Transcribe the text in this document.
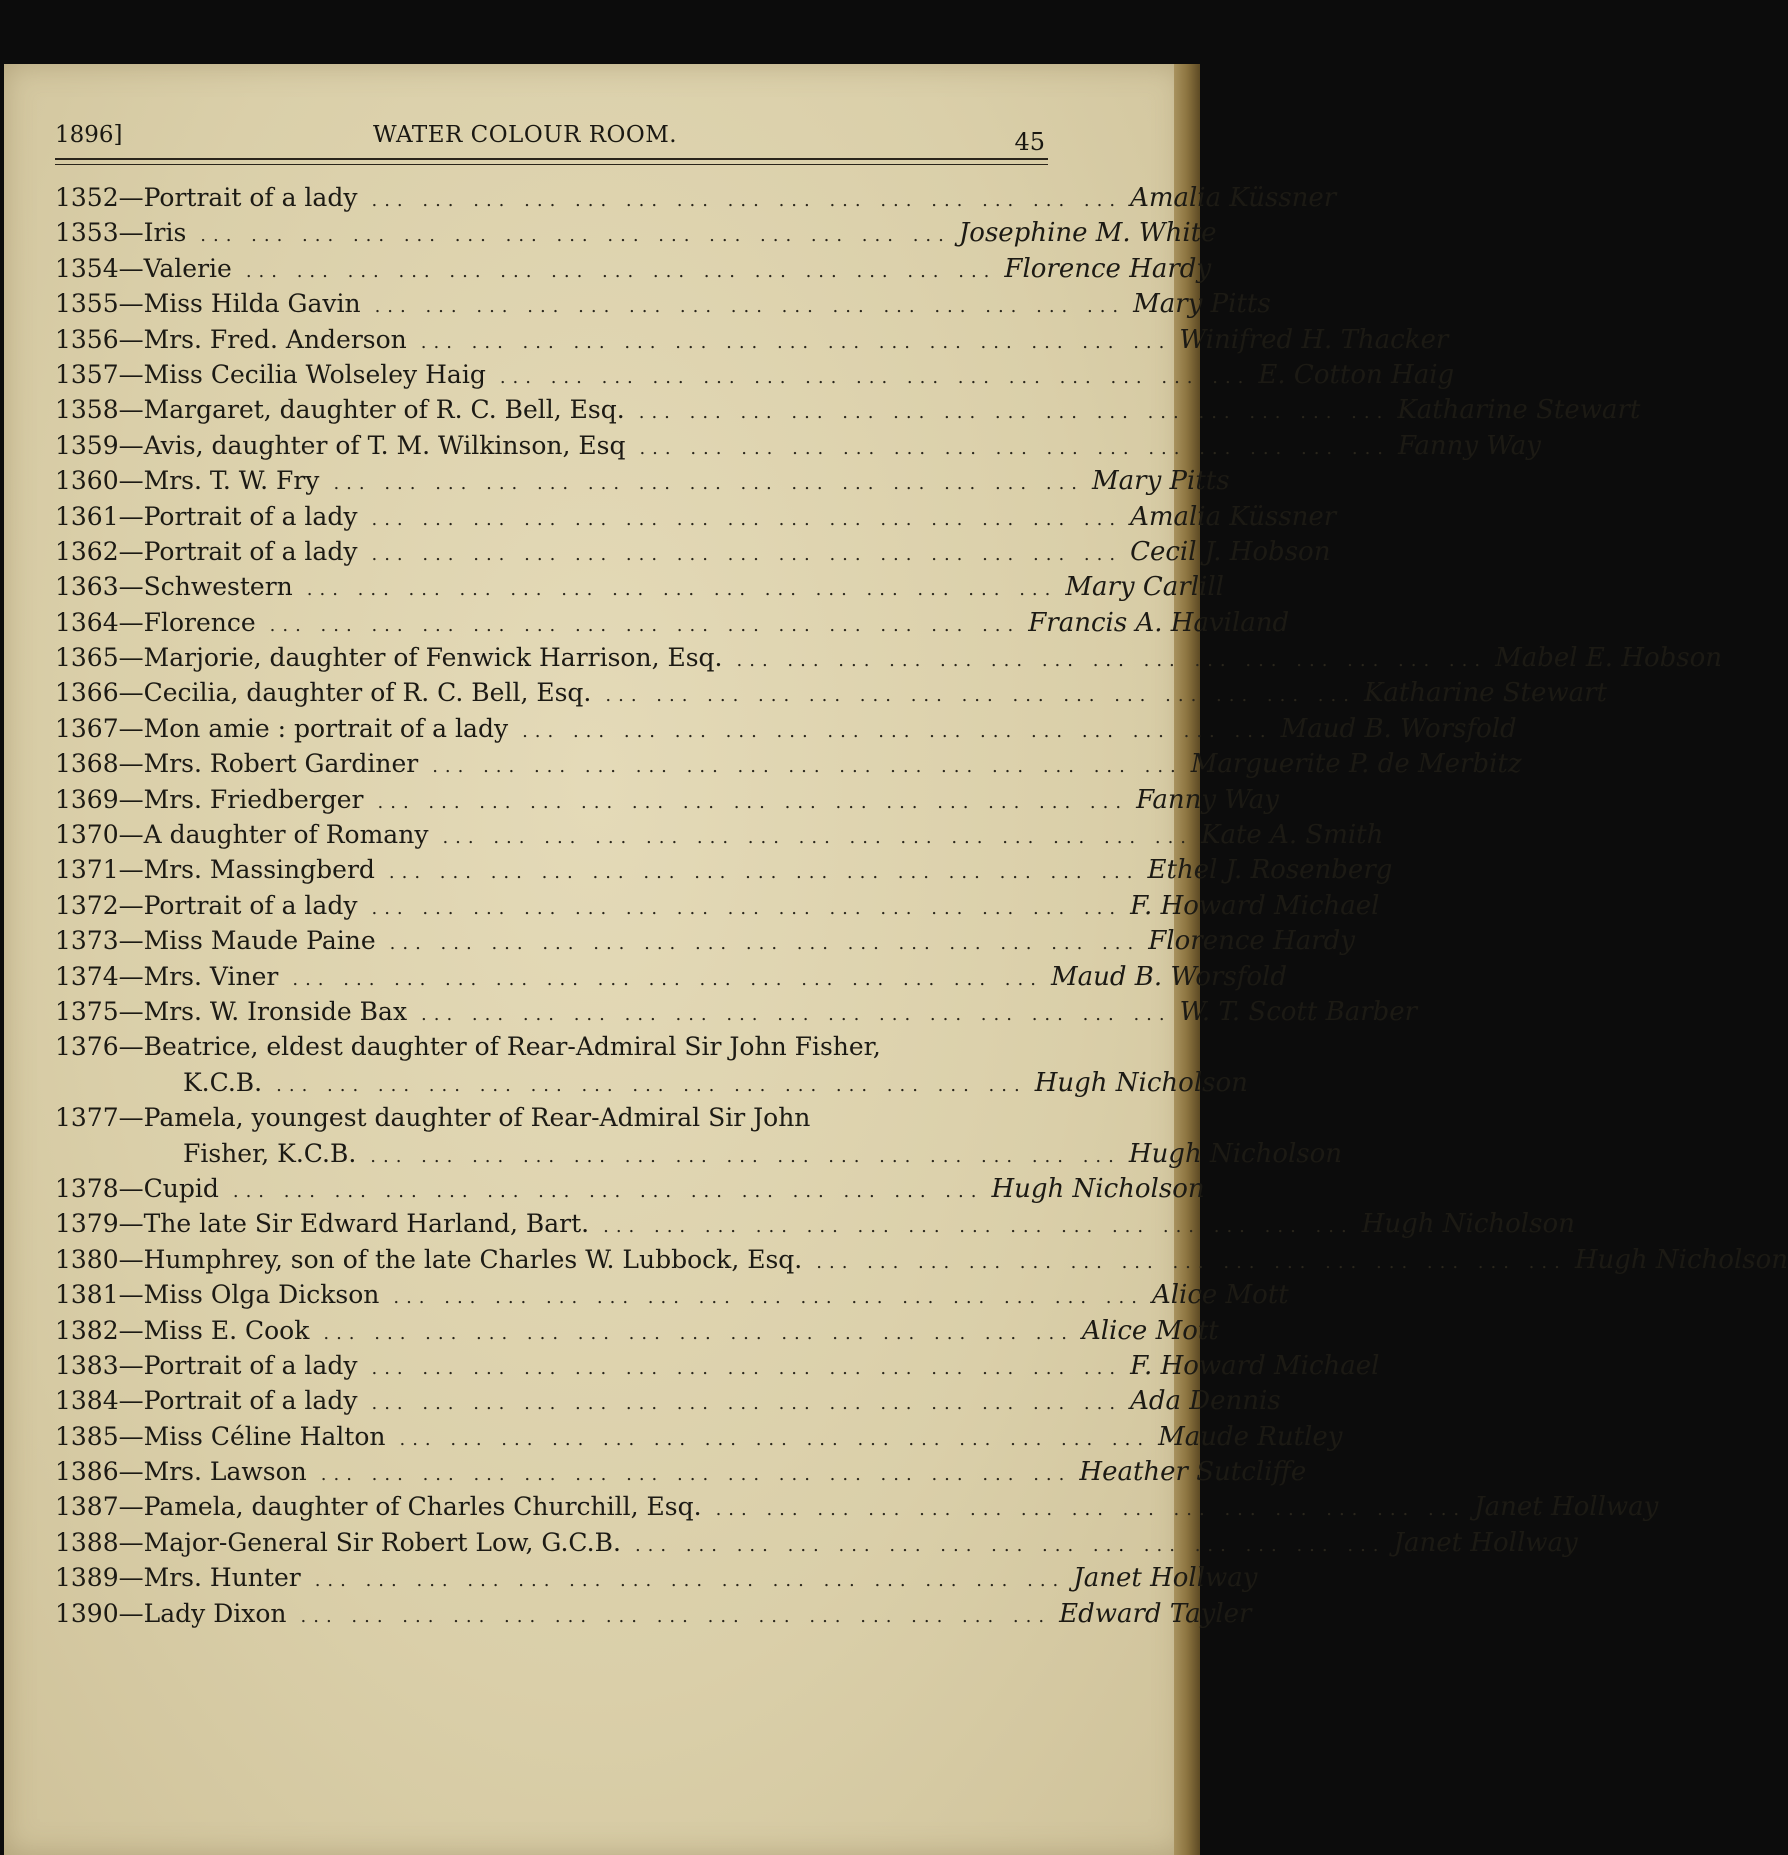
1896]	WATER COLOUR ROOM.	45
1352 — Portrait of a lady ... ... ... ... ... ... ... ... ... ... ... ... ... ... ... Amalia Küssner
1353 — Iris ... ... ... ... ... ... ... ... ... ... ... ... ... ... ... Josephine M. White
1354 — Valerie ... ... ... ... ... ... ... ... ... ... ... ... ... ... ... Florence Hardy
1355 — Miss Hilda Gavin ... ... ... ... ... ... ... ... ... ... ... ... ... ... ... Mary Pitts
1356 — Mrs. Fred. Anderson ... ... ... ... ... ... ... ... ... ... ... ... ... ... ... Winifred H. Thacker
1357 — Miss Cecilia Wolseley Haig ... ... ... ... ... ... ... ... ... ... ... ... ... ... ... E. Cotton Haig
1358 — Margaret, daughter of R. C. Bell, Esq. ... ... ... ... ... ... ... ... ... ... ... ... ... ... ... Katharine Stewart
1359 — Avis, daughter of T. M. Wilkinson, Esq ... ... ... ... ... ... ... ... ... ... ... ... ... ... ... Fanny Way
1360 — Mrs. T. W. Fry ... ... ... ... ... ... ... ... ... ... ... ... ... ... ... Mary Pitts
1361 — Portrait of a lady ... ... ... ... ... ... ... ... ... ... ... ... ... ... ... Amalia Küssner
1362 — Portrait of a lady ... ... ... ... ... ... ... ... ... ... ... ... ... ... ... Cecil J. Hobson
1363 — Schwestern ... ... ... ... ... ... ... ... ... ... ... ... ... ... ... Mary Carlill
1364 — Florence ... ... ... ... ... ... ... ... ... ... ... ... ... ... ... Francis A. Haviland
1365 — Marjorie, daughter of Fenwick Harrison, Esq. ... ... ... ... ... ... ... ... ... ... ... ... ... ... ... Mabel E. Hobson
1366 — Cecilia, daughter of R. C. Bell, Esq. ... ... ... ... ... ... ... ... ... ... ... ... ... ... ... Katharine Stewart
1367 — Mon amie : portrait of a lady ... ... ... ... ... ... ... ... ... ... ... ... ... ... ... Maud B. Worsfold
1368 — Mrs. Robert Gardiner ... ... ... ... ... ... ... ... ... ... ... ... ... ... ... Marguerite P. de Merbitz
1369 — Mrs. Friedberger ... ... ... ... ... ... ... ... ... ... ... ... ... ... ... Fanny Way
1370 — A daughter of Romany ... ... ... ... ... ... ... ... ... ... ... ... ... ... ... Kate A. Smith
1371 — Mrs. Massingberd ... ... ... ... ... ... ... ... ... ... ... ... ... ... ... Ethel J. Rosenberg
1372 — Portrait of a lady ... ... ... ... ... ... ... ... ... ... ... ... ... ... ... F. Howard Michael
1373 — Miss Maude Paine ... ... ... ... ... ... ... ... ... ... ... ... ... ... ... Florence Hardy
1374 — Mrs. Viner ... ... ... ... ... ... ... ... ... ... ... ... ... ... ... Maud B. Worsfold
1375 — Mrs. W. Ironside Bax ... ... ... ... ... ... ... ... ... ... ... ... ... ... ... W. T. Scott Barber
1376 — Beatrice, eldest daughter of Rear-Admiral Sir John Fisher,
K.C.B. ... ... ... ... ... ... ... ... ... ... ... ... ... ... ... Hugh Nicholson
1377 — Pamela, youngest daughter of Rear-Admiral Sir John
Fisher, K.C.B. ... ... ... ... ... ... ... ... ... ... ... ... ... ... ... Hugh Nicholson
1378 — Cupid ... ... ... ... ... ... ... ... ... ... ... ... ... ... ... Hugh Nicholson
1379 — The late Sir Edward Harland, Bart. ... ... ... ... ... ... ... ... ... ... ... ... ... ... ... Hugh Nicholson
1380 — Humphrey, son of the late Charles W. Lubbock, Esq. ... ... ... ... ... ... ... ... ... ... ... ... ... ... ... Hugh Nicholson
1381 — Miss Olga Dickson ... ... ... ... ... ... ... ... ... ... ... ... ... ... ... Alice Mott
1382 — Miss E. Cook ... ... ... ... ... ... ... ... ... ... ... ... ... ... ... Alice Mott
1383 — Portrait of a lady ... ... ... ... ... ... ... ... ... ... ... ... ... ... ... F. Howard Michael
1384 — Portrait of a lady ... ... ... ... ... ... ... ... ... ... ... ... ... ... ... Ada Dennis
1385 — Miss Céline Halton ... ... ... ... ... ... ... ... ... ... ... ... ... ... ... Maude Rutley
1386 — Mrs. Lawson ... ... ... ... ... ... ... ... ... ... ... ... ... ... ... Heather Sutcliffe
1387 — Pamela, daughter of Charles Churchill, Esq. ... ... ... ... ... ... ... ... ... ... ... ... ... ... ... Janet Hollway
1388 — Major-General Sir Robert Low, G.C.B. ... ... ... ... ... ... ... ... ... ... ... ... ... ... ... Janet Hollway
1389 — Mrs. Hunter ... ... ... ... ... ... ... ... ... ... ... ... ... ... ... Janet Hollway
1390 — Lady Dixon ... ... ... ... ... ... ... ... ... ... ... ... ... ... ... Edward Tayler
